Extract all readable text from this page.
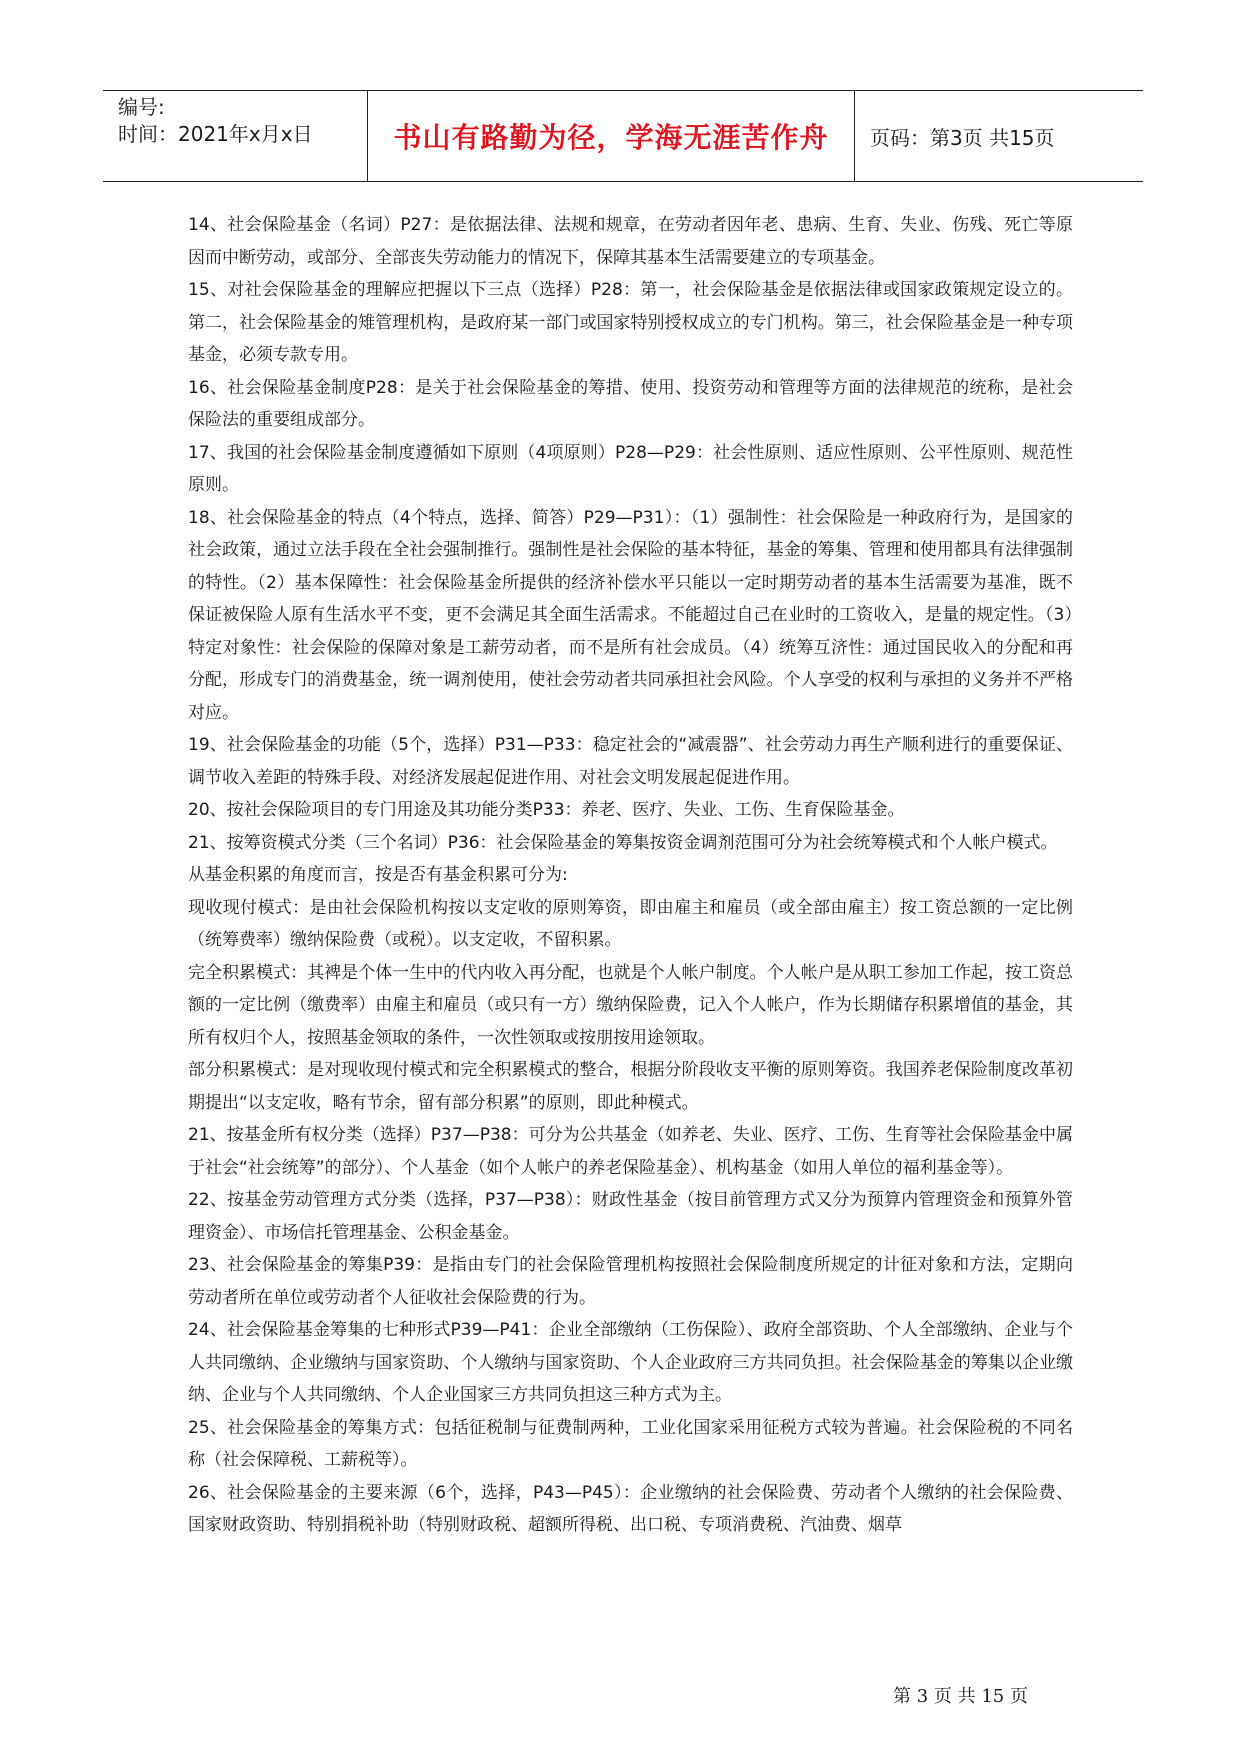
编号:
时间：2021年x月x日	书山有路勤为径，学海无涯苦作舟 页码：第3页 共15页

14、社会保险基金（名词）P27：是依据法律、法规和规章，在劳动者因年老、患病、生育、失业、伤残、死亡等原因而中断劳动，或部分、全部丧失劳动能力的情况下，保障其基本生活需要建立的专项基金。

15、对社会保险基金的理解应把握以下三点（选择）P28：第一，社会保险基金是依据法律或国家政策规定设立的。第二，社会保险基金的雉管理机构，是政府某一部门或国家特别授权成立的专门机构。第三，社会保险基金是一种专项基金，必须专款专用。

16、社会保险基金制度P28：是关于社会保险基金的筹措、使用、投资劳动和管理等方面的法律规范的统称，是社会保险法的重要组成部分。

17、我国的社会保险基金制度遵循如下原则（4项原则）P28—P29：社会性原则、适应性原则、公平性原则、规范性原则。

18、社会保险基金的特点（4个特点，选择、简答）P29—P31）：（1）强制性：社会保险是一种政府行为，是国家的社会政策，通过立法手段在全社会强制推行。强制性是社会保险的基本特征，基金的筹集、管理和使用都具有法律强制的特性。（2）基本保障性：社会保险基金所提供的经济补偿水平只能以一定时期劳动者的基本生活需要为基准，既不保证被保险人原有生活水平不变，更不会满足其全面生活需求。不能超过自己在业时的工资收入，是量的规定性。（3）特定对象性：社会保险的保障对象是工薪劳动者，而不是所有社会成员。（4）统筹互济性：通过国民收入的分配和再分配，形成专门的消费基金，统一调剂使用，使社会劳动者共同承担社会风险。个人享受的权利与承担的义务并不严格对应。

19、社会保险基金的功能（5个，选择）P31—P33：稳定社会的“减震器”、社会劳动力再生产顺利进行的重要保证、调节收入差距的特殊手段、对经济发展起促进作用、对社会文明发展起促进作用。

20、按社会保险项目的专门用途及其功能分类P33：养老、医疗、失业、工伤、生育保险基金。

21、按筹资模式分类（三个名词）P36：社会保险基金的筹集按资金调剂范围可分为社会统筹模式和个人帐户模式。

从基金积累的角度而言，按是否有基金积累可分为:

现收现付模式：是由社会保险机构按以支定收的原则筹资，即由雇主和雇员（或全部由雇主）按工资总额的一定比例（统筹费率）缴纳保险费（或税）。以支定收，不留积累。

完全积累模式：其裨是个体一生中的代内收入再分配，也就是个人帐户制度。个人帐户是从职工参加工作起，按工资总额的一定比例（缴费率）由雇主和雇员（或只有一方）缴纳保险费，记入个人帐户，作为长期储存积累增值的基金，其所有权归个人，按照基金领取的条件，一次性领取或按朋按用途领取。

部分积累模式：是对现收现付模式和完全积累模式的整合，根据分阶段收支平衡的原则筹资。我国养老保险制度改革初期提出“以支定收，略有节余，留有部分积累”的原则，即此种模式。

21、按基金所有权分类（选择）P37—P38：可分为公共基金（如养老、失业、医疗、工伤、生育等社会保险基金中属于社会“社会统筹”的部分）、个人基金（如个人帐户的养老保险基金）、机构基金（如用人单位的福利基金等）。

22、按基金劳动管理方式分类（选择，P37—P38）：财政性基金（按目前管理方式又分为预算内管理资金和预算外管理资金）、市场信托管理基金、公积金基金。

23、社会保险基金的筹集P39：是指由专门的社会保险管理机构按照社会保险制度所规定的计征对象和方法，定期向劳动者所在单位或劳动者个人征收社会保险费的行为。

24、社会保险基金筹集的七种形式P39—P41：企业全部缴纳（工伤保险）、政府全部资助、个人全部缴纳、企业与个人共同缴纳、企业缴纳与国家资助、个人缴纳与国家资助、个人企业政府三方共同负担。社会保险基金的筹集以企业缴纳、企业与个人共同缴纳、个人企业国家三方共同负担这三种方式为主。

25、社会保险基金的筹集方式：包括征税制与征费制两种，工业化国家采用征税方式较为普遍。社会保险税的不同名称（社会保障税、工薪税等）。

26、社会保险基金的主要来源（6个，选择，P43—P45）：企业缴纳的社会保险费、劳动者个人缴纳的社会保险费、国家财政资助、特别捐税补助（特别财政税、超额所得税、出口税、专项消费税、汽油费、烟草

第 3 页 共 15 页
